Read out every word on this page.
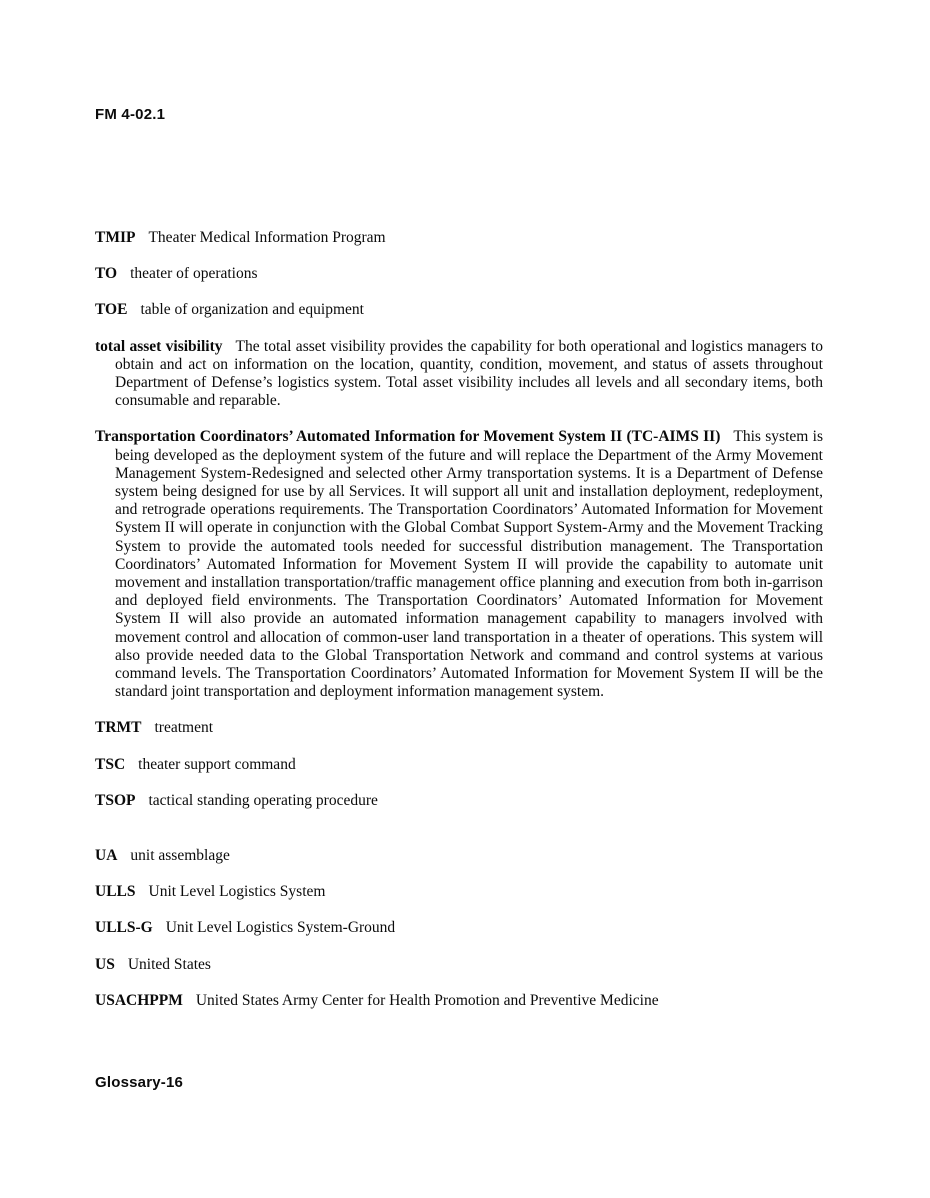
FM 4-02.1

TMIP Theater Medical Information Program

TO theater of operations

TOE table of organization and equipment

total asset visibility The total asset visibility provides the capability for both operational and logistics managers to obtain and act on information on the location, quantity, condition, movement, and status of assets throughout Department of Defense’s logistics system. Total asset visibility includes all levels and all secondary items, both consumable and reparable.

Transportation Coordinators’ Automated Information for Movement System II (TC-AIMS II) This system is being developed as the deployment system of the future and will replace the Department of the Army Movement Management System-Redesigned and selected other Army transportation systems. It is a Department of Defense system being designed for use by all Services. It will support all unit and installation deployment, redeployment, and retrograde operations requirements. The Transportation Coordinators’ Automated Information for Movement System II will operate in conjunction with the Global Combat Support System-Army and the Movement Tracking System to provide the automated tools needed for successful distribution management. The Transportation Coordinators’ Automated Information for Movement System II will provide the capability to automate unit movement and installation transportation/traffic management office planning and execution from both in-garrison and deployed field environments. The Transportation Coordinators’ Automated Information for Movement System II will also provide an automated information management capability to managers involved with movement control and allocation of common-user land transportation in a theater of operations. This system will also provide needed data to the Global Transportation Network and command and control systems at various command levels. The Transportation Coordinators’ Automated Information for Movement System II will be the standard joint transportation and deployment information management system.

TRMT treatment

TSC theater support command

TSOP tactical standing operating procedure

UA unit assemblage

ULLS Unit Level Logistics System

ULLS-G Unit Level Logistics System-Ground

US United States

USACHPPM United States Army Center for Health Promotion and Preventive Medicine

Glossary-16
